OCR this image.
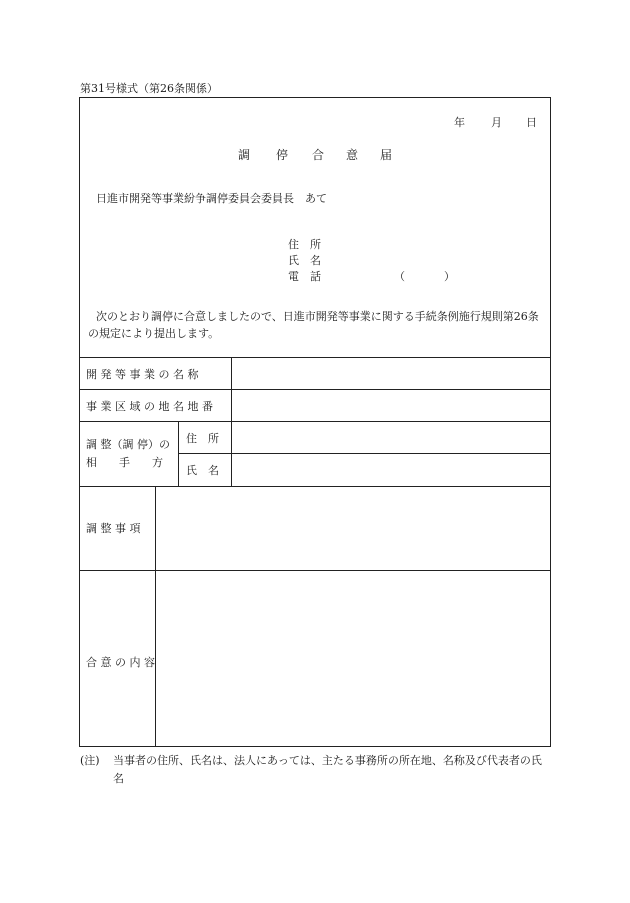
第31号様式（第26条関係）
年 月 日
調 停 合 意 届
日進市開発等事業紛争調停委員会委員長　あて
住　所
氏　名
電　話	（	）
次のとおり調停に合意しましたので、日進市開発等事業に関する手続条例施行規則第26条の規定により提出します。
開 発 等 事 業 の 名 称
事 業 区 域 の 地 名 地 番
調 整（調 停）の
相　　手　　方
住　所
氏　名
調 整 事 項
合 意 の 内 容
(注) 当事者の住所、氏名は、法人にあっては、主たる事務所の所在地、名称及び代表者の氏名
